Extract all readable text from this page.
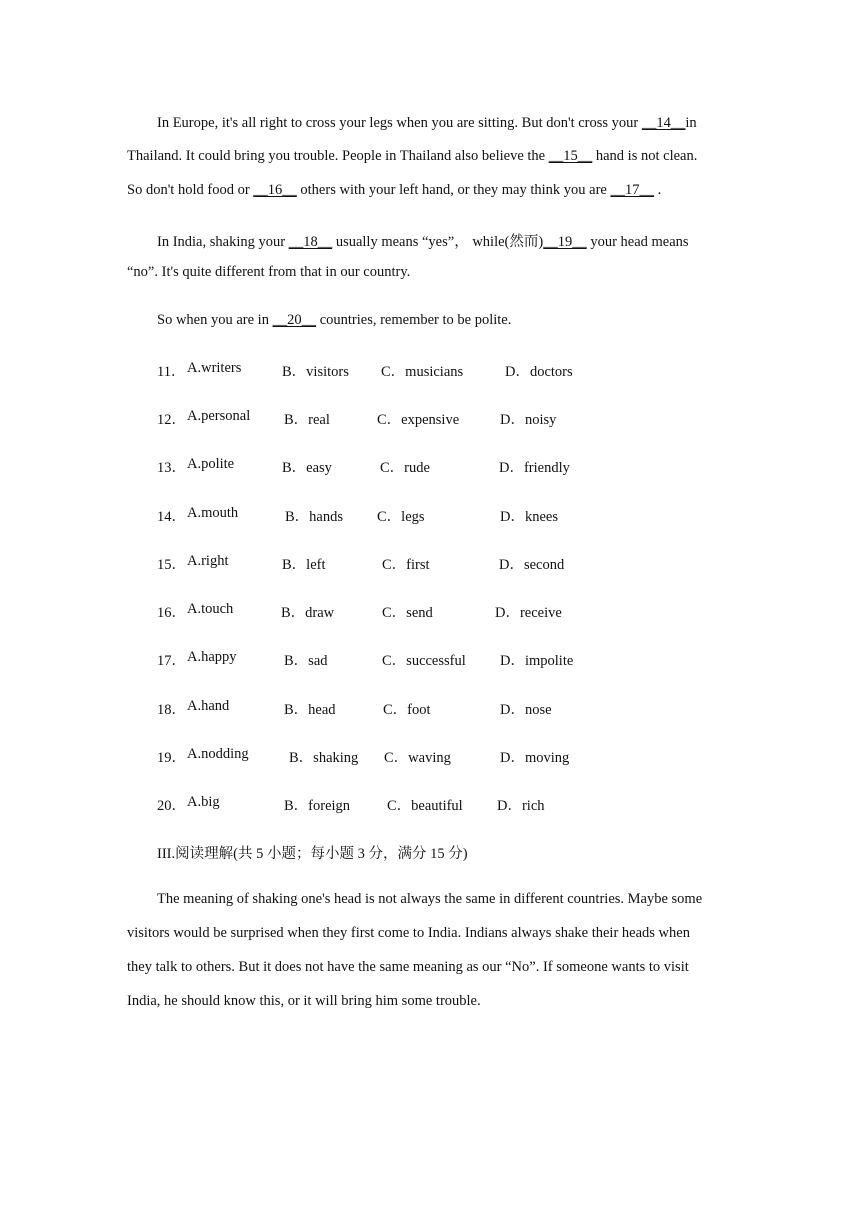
In Europe, it's all right to cross your legs when you are sitting. But don't cross your __14__in

Thailand. It could bring you trouble. People in Thailand also believe the __15__ hand is not clean.

So don't hold food or __16__ others with your left hand, or they may think you are __17__ .

In India, shaking your __18__ usually means “yes”， while(然而)__19__ your head means

“no”. It's quite different from that in our country.

So when you are in __20__ countries, remember to be polite.

11． A.writers	B．visitors C．musicians	D．doctors
12． A.personal B．real	C．expensive	D．noisy
13． A.polite	B．easy	C．rude	D．friendly
14． A.mouth	B．hands C．legs	D．knees
15． A.right	B．left	C．first	D．second
16． A.touch	B．draw	C．send	D．receive
17． A.happy	B．sad	C．successful D．impolite
18． A.hand	B．head	C．foot	D．nose
19． A.nodding	B．shaking C．waving	D．moving
20． A.big	B．foreign	C．beautiful D．rich

III.阅读理解(共 5 小题；每小题 3 分，满分 15 分)

The meaning of shaking one's head is not always the same in different countries. Maybe some

visitors would be surprised when they first come to India. Indians always shake their heads when

they talk to others. But it does not have the same meaning as our “No”. If someone wants to visit

India, he should know this, or it will bring him some trouble.
